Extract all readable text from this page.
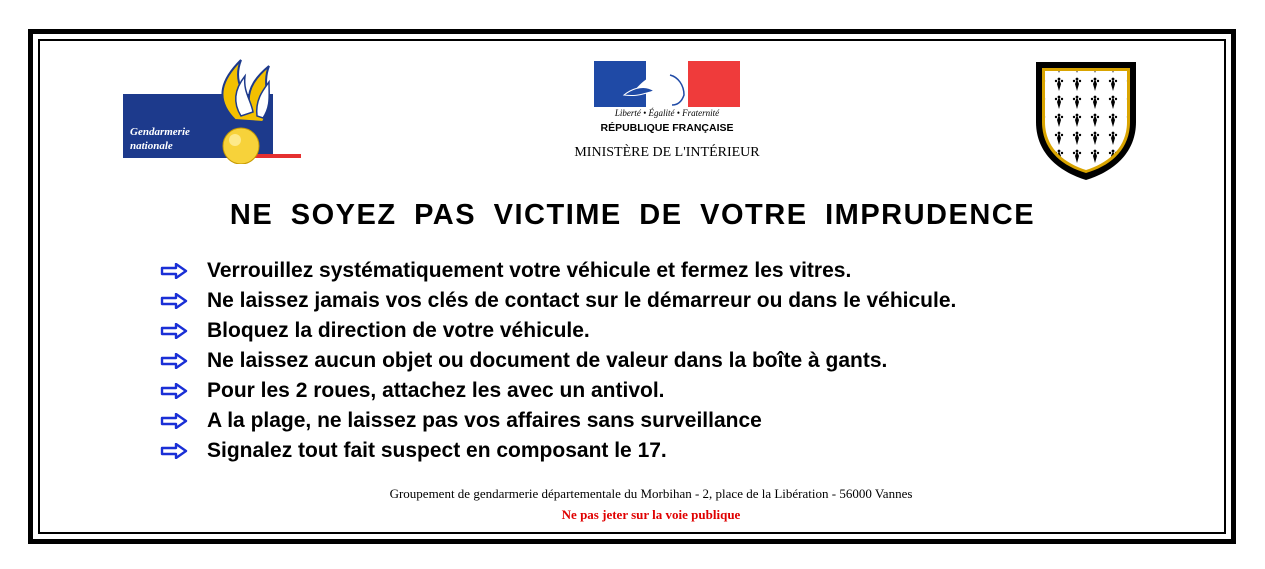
Gendarmerie
nationale
Liberté • Égalité • Fraternité
RÉPUBLIQUE FRANÇAISE
MINISTÈRE DE L'INTÉRIEUR
NE SOYEZ PAS VICTIME DE VOTRE IMPRUDENCE
Verrouillez systématiquement votre véhicule et fermez les vitres.
Ne laissez jamais vos clés de contact sur le démarreur ou dans le véhicule.
Bloquez la direction de votre véhicule.
Ne laissez aucun objet ou document de valeur dans la boîte à gants.
Pour les 2 roues, attachez les avec un antivol.
A la plage, ne laissez pas vos affaires sans surveillance
Signalez tout fait suspect en composant le 17.
Groupement de gendarmerie départementale du Morbihan - 2, place de la Libération - 56000 Vannes
Ne pas jeter sur la voie publique
